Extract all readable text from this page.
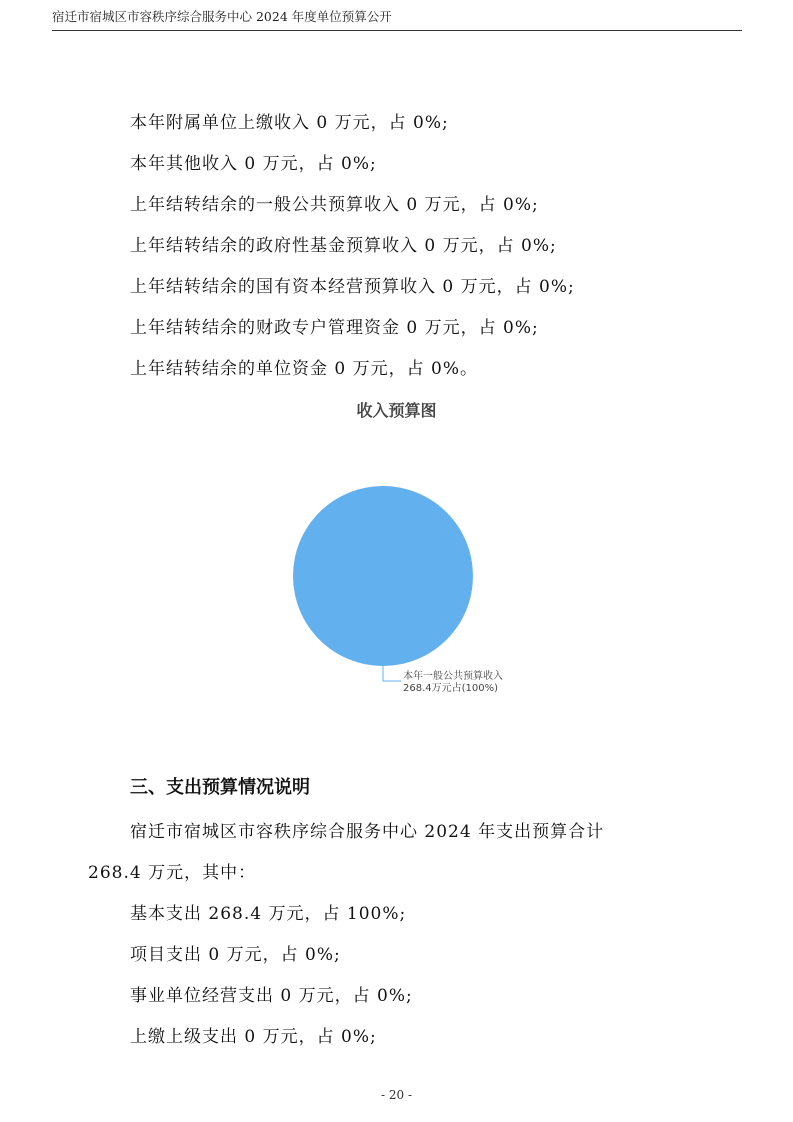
宿迁市宿城区市容秩序综合服务中心 2024 年度单位预算公开
本年附属单位上缴收入 0 万元，占 0%;
本年其他收入 0 万元，占 0%;
上年结转结余的一般公共预算收入 0 万元，占 0%;
上年结转结余的政府性基金预算收入 0 万元，占 0%;
上年结转结余的国有资本经营预算收入 0 万元，占 0%;
上年结转结余的财政专户管理资金 0 万元，占 0%;
上年结转结余的单位资金 0 万元，占 0%。
收入预算图
本年一般公共预算收入
268.4万元占(100%)
三、支出预算情况说明
宿迁市宿城区市容秩序综合服务中心 2024 年支出预算合计
268.4 万元，其中：
基本支出 268.4 万元，占 100%;
项目支出 0 万元，占 0%;
事业单位经营支出 0 万元，占 0%;
上缴上级支出 0 万元，占 0%;
- 20 -
